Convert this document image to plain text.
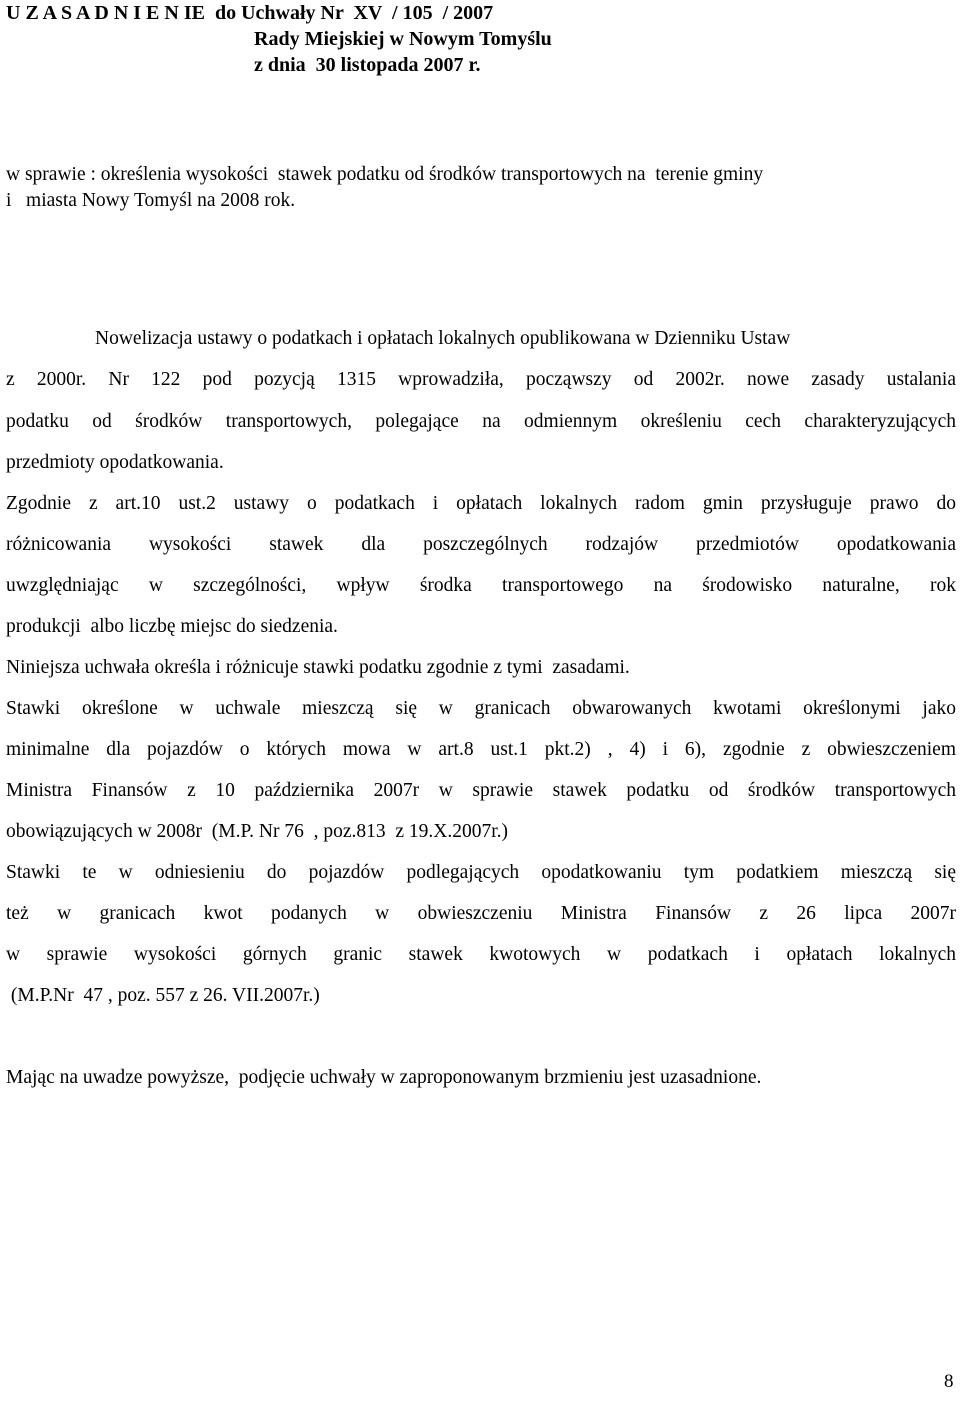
U Z A S A D N I E N IE  do Uchwały Nr  XV  / 105  / 2007
Rady Miejskiej w Nowym Tomyślu
z dnia  30 listopada 2007 r.
w sprawie : określenia wysokości  stawek podatku od środków transportowych na  terenie gminy
i   miasta Nowy Tomyśl na 2008 rok.
Nowelizacja ustawy o podatkach i opłatach lokalnych opublikowana w Dzienniku Ustaw
z 2000r. Nr 122 pod pozycją 1315 wprowadziła, począwszy od 2002r. nowe zasady ustalania
podatku od środków transportowych, polegające na odmiennym określeniu cech charakteryzujących
przedmioty opodatkowania.
Zgodnie z art.10 ust.2 ustawy o podatkach i opłatach lokalnych radom gmin przysługuje prawo do
różnicowania wysokości stawek dla poszczególnych rodzajów przedmiotów opodatkowania
uwzględniając w szczególności, wpływ środka transportowego na środowisko naturalne, rok
produkcji  albo liczbę miejsc do siedzenia.
Niniejsza uchwała określa i różnicuje stawki podatku zgodnie z tymi  zasadami.
Stawki określone w uchwale mieszczą się w granicach obwarowanych kwotami określonymi jako
minimalne dla pojazdów o których mowa w art.8 ust.1 pkt.2) , 4) i 6), zgodnie z obwieszczeniem
Ministra Finansów z 10 października 2007r w sprawie stawek podatku od środków transportowych
obowiązujących w 2008r  (M.P. Nr 76  , poz.813  z 19.X.2007r.)
Stawki te w odniesieniu do pojazdów podlegających opodatkowaniu tym podatkiem mieszczą się
też w granicach kwot podanych w obwieszczeniu Ministra Finansów z 26 lipca 2007r
w sprawie wysokości górnych granic stawek kwotowych w podatkach i opłatach lokalnych
(M.P.Nr  47 , poz. 557 z 26. VII.2007r.)
Mając na uwadze powyższe,  podjęcie uchwały w zaproponowanym brzmieniu jest uzasadnione.
8
